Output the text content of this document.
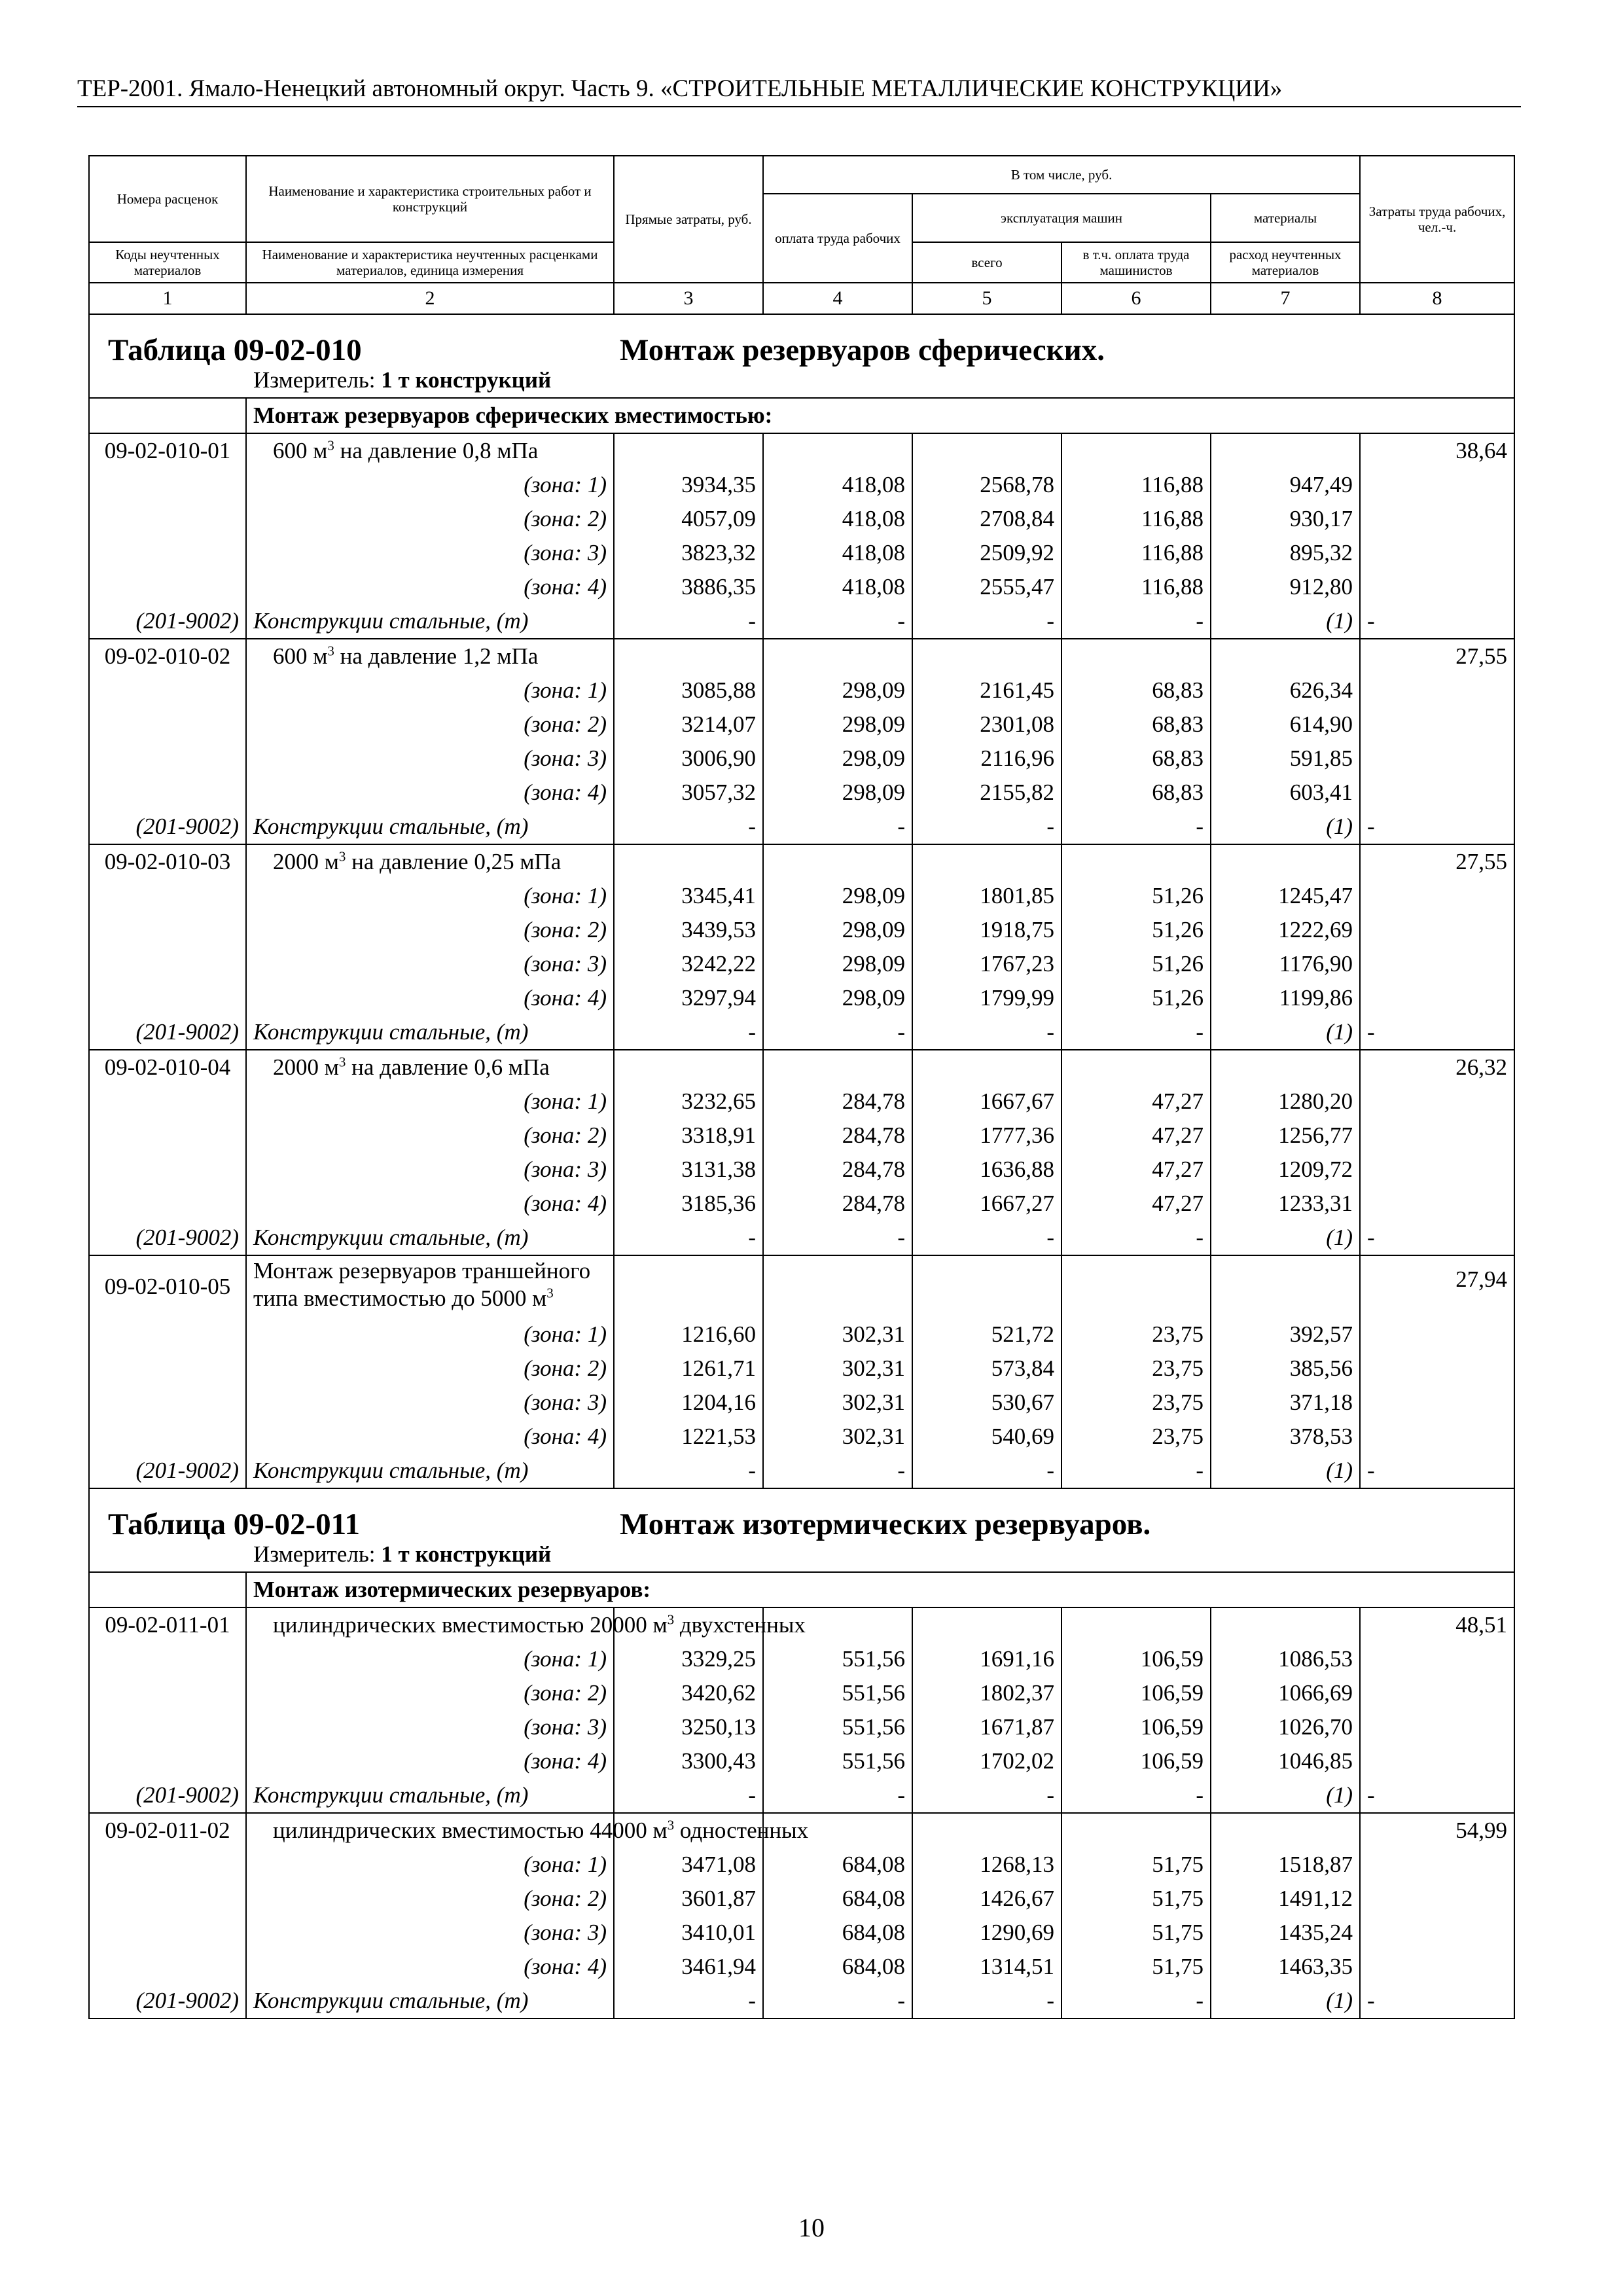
ТЕР-2001. Ямало-Ненецкий автономный округ. Часть 9. «СТРОИТЕЛЬНЫЕ МЕТАЛЛИЧЕСКИЕ КОНСТРУКЦИИ»
Номера расценок	Наименование и характеристика строительных работ и конструкций	Прямые затраты, руб.	В том числе, руб.				Затраты труда рабочих, чел.-ч.
			оплата труда рабочих	эксплуатация машин		материалы	
Коды неучтенных материалов	Наименование и характеристика неучтенных расценками материалов, единица измерения			всего	в т.ч. оплата труда машинистов	расход неучтенных материалов	

1	2	3	4	5	6	7	8

Таблица 09-02-010 Монтаж резервуаров сферических.
Измеритель: 1 т конструкций							

	Монтаж резервуаров сферических вместимостью:						
09-02-010-01	600 $м^3$ на давление 0,8 мПа						38,64
	(зона: 1)	3934,35	418,08	2568,78	116,88	947,49	
	(зона: 2)	4057,09	418,08	2708,84	116,88	930,17	
	(зона: 3)	3823,32	418,08	2509,92	116,88	895,32	
	(зона: 4)	3886,35	418,08	2555,47	116,88	912,80	
(201-9002)	Конструкции стальные, (т)	-	-	-	-	(1)	-
09-02-010-02	600 $м^3$ на давление 1,2 мПа						27,55
	(зона: 1)	3085,88	298,09	2161,45	68,83	626,34	
	(зона: 2)	3214,07	298,09	2301,08	68,83	614,90	
	(зона: 3)	3006,90	298,09	2116,96	68,83	591,85	
	(зона: 4)	3057,32	298,09	2155,82	68,83	603,41	
(201-9002)	Конструкции стальные, (т)	-	-	-	-	(1)	-
09-02-010-03	2000 $м^3$ на давление 0,25 мПа						27,55
	(зона: 1)	3345,41	298,09	1801,85	51,26	1245,47	
	(зона: 2)	3439,53	298,09	1918,75	51,26	1222,69	
	(зона: 3)	3242,22	298,09	1767,23	51,26	1176,90	
	(зона: 4)	3297,94	298,09	1799,99	51,26	1199,86	
(201-9002)	Конструкции стальные, (т)	-	-	-	-	(1)	-
09-02-010-04	2000 $м^3$ на давление 0,6 мПа						26,32
	(зона: 1)	3232,65	284,78	1667,67	47,27	1280,20	
	(зона: 2)	3318,91	284,78	1777,36	47,27	1256,77	
	(зона: 3)	3131,38	284,78	1636,88	47,27	1209,72	
	(зона: 4)	3185,36	284,78	1667,27	47,27	1233,31	
(201-9002)	Конструкции стальные, (т)	-	-	-	-	(1)	-
09-02-010-05	Монтаж резервуаров траншейного типа вместимостью до 5000 $м^3$						27,94
	(зона: 1)	1216,60	302,31	521,72	23,75	392,57	
	(зона: 2)	1261,71	302,31	573,84	23,75	385,56	
	(зона: 3)	1204,16	302,31	530,67	23,75	371,18	
	(зона: 4)	1221,53	302,31	540,69	23,75	378,53	
(201-9002)	Конструкции стальные, (т)	-	-	-	-	(1)	-

Таблица 09-02-011 Монтаж изотермических резервуаров.
Измеритель: 1 т конструкций							

	Монтаж изотермических резервуаров:						
09-02-011-01	цилиндрических вместимостью 20000 $м^3$ двухстенных						48,51
	(зона: 1)	3329,25	551,56	1691,16	106,59	1086,53	
	(зона: 2)	3420,62	551,56	1802,37	106,59	1066,69	
	(зона: 3)	3250,13	551,56	1671,87	106,59	1026,70	
	(зона: 4)	3300,43	551,56	1702,02	106,59	1046,85	
(201-9002)	Конструкции стальные, (т)	-	-	-	-	(1)	-
09-02-011-02	цилиндрических вместимостью 44000 $м^3$ одностенных						54,99
	(зона: 1)	3471,08	684,08	1268,13	51,75	1518,87	
	(зона: 2)	3601,87	684,08	1426,67	51,75	1491,12	
	(зона: 3)	3410,01	684,08	1290,69	51,75	1435,24	
	(зона: 4)	3461,94	684,08	1314,51	51,75	1463,35	
(201-9002)	Конструкции стальные, (т)	-	-	-	-	(1)	-
10
